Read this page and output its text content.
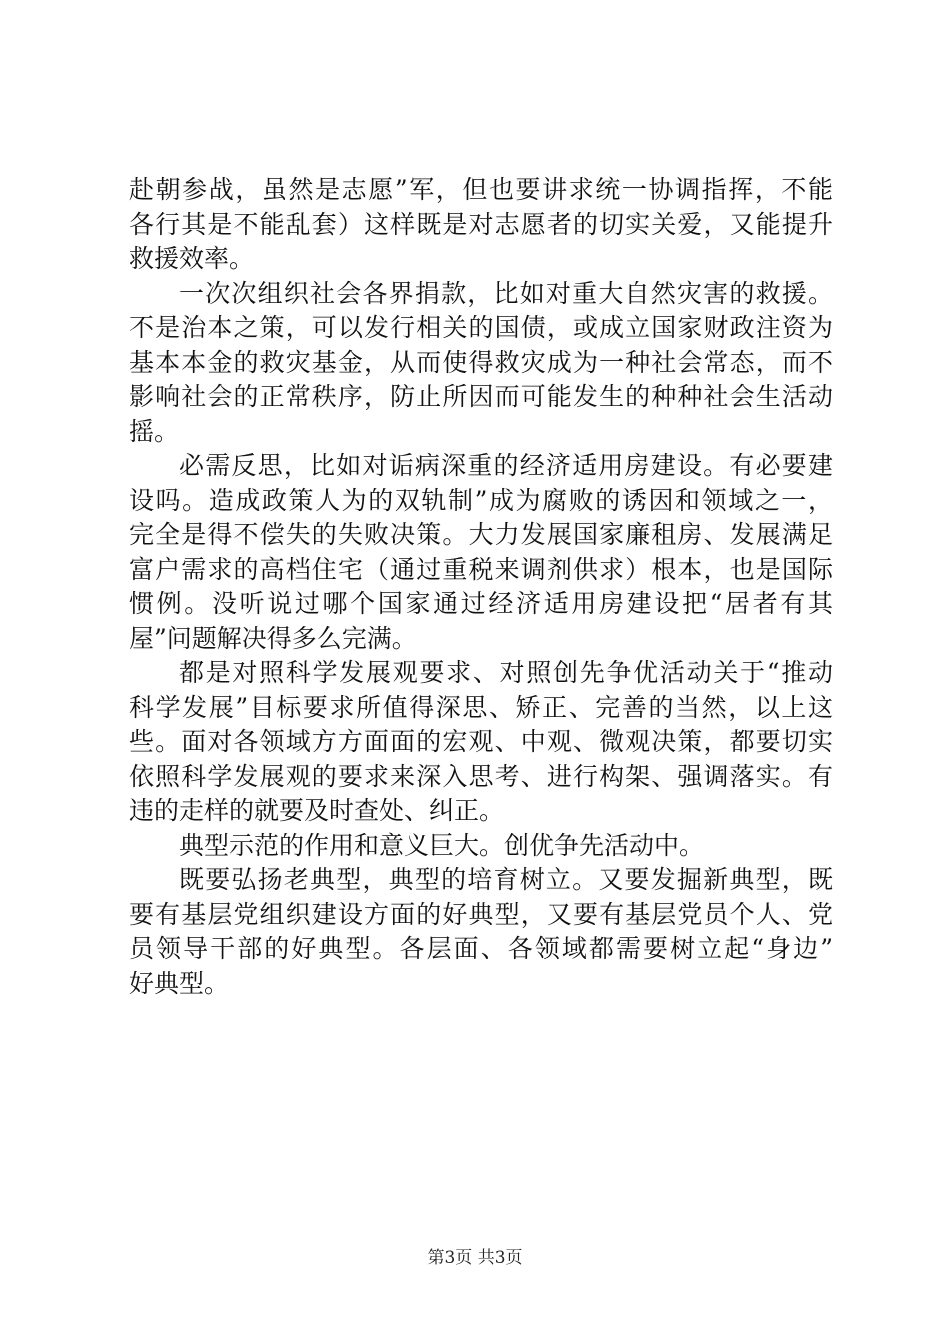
赴朝参战，虽然是志愿”军，但也要讲求统一协调指挥，不能
各行其是不能乱套）这样既是对志愿者的切实关爱，又能提升
救援效率。
一次次组织社会各界捐款，比如对重大自然灾害的救援。
不是治本之策，可以发行相关的国债，或成立国家财政注资为
基本本金的救灾基金，从而使得救灾成为一种社会常态，而不
影响社会的正常秩序，防止所因而可能发生的种种社会生活动
摇。
必需反思，比如对诟病深重的经济适用房建设。有必要建
设吗。造成政策人为的双轨制”成为腐败的诱因和领域之一，
完全是得不偿失的失败决策。大力发展国家廉租房、发展满足
富户需求的高档住宅（通过重税来调剂供求）根本，也是国际
惯例。没听说过哪个国家通过经济适用房建设把“居者有其
屋”问题解决得多么完满。
都是对照科学发展观要求、对照创先争优活动关于“推动
科学发展”目标要求所值得深思、矫正、完善的当然，以上这
些。面对各领域方方面面的宏观、中观、微观决策，都要切实
依照科学发展观的要求来深入思考、进行构架、强调落实。有
违的走样的就要及时查处、纠正。
典型示范的作用和意义巨大。创优争先活动中。
既要弘扬老典型，典型的培育树立。又要发掘新典型，既
要有基层党组织建设方面的好典型，又要有基层党员个人、党
员领导干部的好典型。各层面、各领域都需要树立起“身边”
好典型。
第3页 共3页
